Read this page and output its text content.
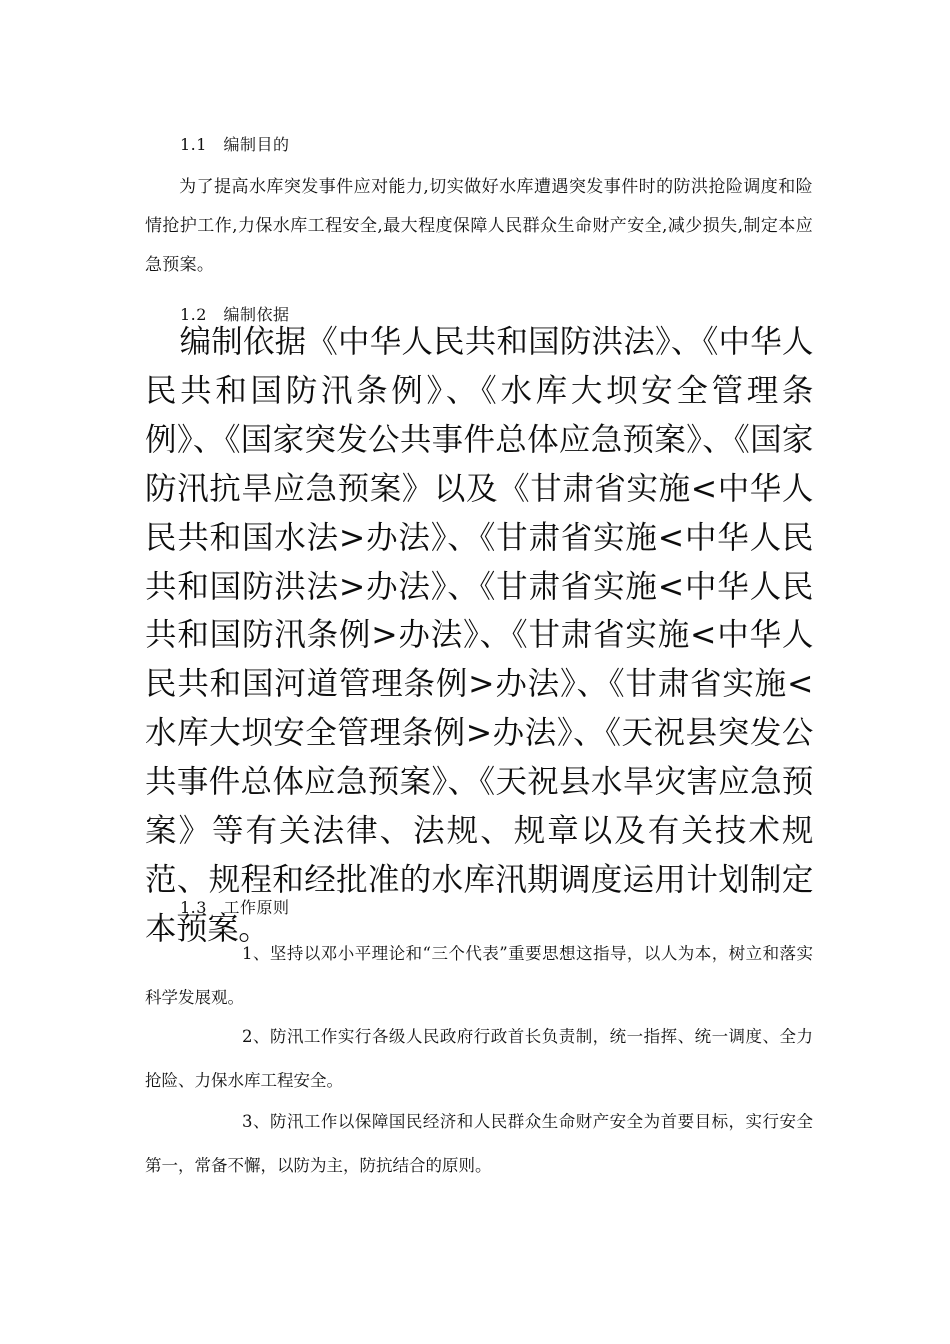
1.1　编制目的
为了提高水库突发事件应对能力,切实做好水库遭遇突发事件时的防洪抢险调度和险情抢护工作,力保水库工程安全,最大程度保障人民群众生命财产安全,减少损失,制定本应急预案。
1.2　编制依据
编制依据《中华人民共和国防洪法》、《中华人民共和国防汛条例》、《水库大坝安全管理条例》、《国家突发公共事件总体应急预案》、《国家防汛抗旱应急预案》以及《甘肃省实施<中华人民共和国水法>办法》、《甘肃省实施<中华人民共和国防洪法>办法》、《甘肃省实施<中华人民共和国防汛条例>办法》、《甘肃省实施<中华人民共和国河道管理条例>办法》、《甘肃省实施<水库大坝安全管理条例>办法》、《天祝县突发公共事件总体应急预案》、《天祝县水旱灾害应急预案》等有关法律、法规、规章以及有关技术规范、规程和经批准的水库汛期调度运用计划制定本预案。
1.3　工作原则
1、坚持以邓小平理论和“三个代表”重要思想这指导，以人为本，树立和落实科学发展观。
2、防汛工作实行各级人民政府行政首长负责制，统一指挥、统一调度、全力抢险、力保水库工程安全。
3、防汛工作以保障国民经济和人民群众生命财产安全为首要目标，实行安全第一，常备不懈，以防为主，防抗结合的原则。
